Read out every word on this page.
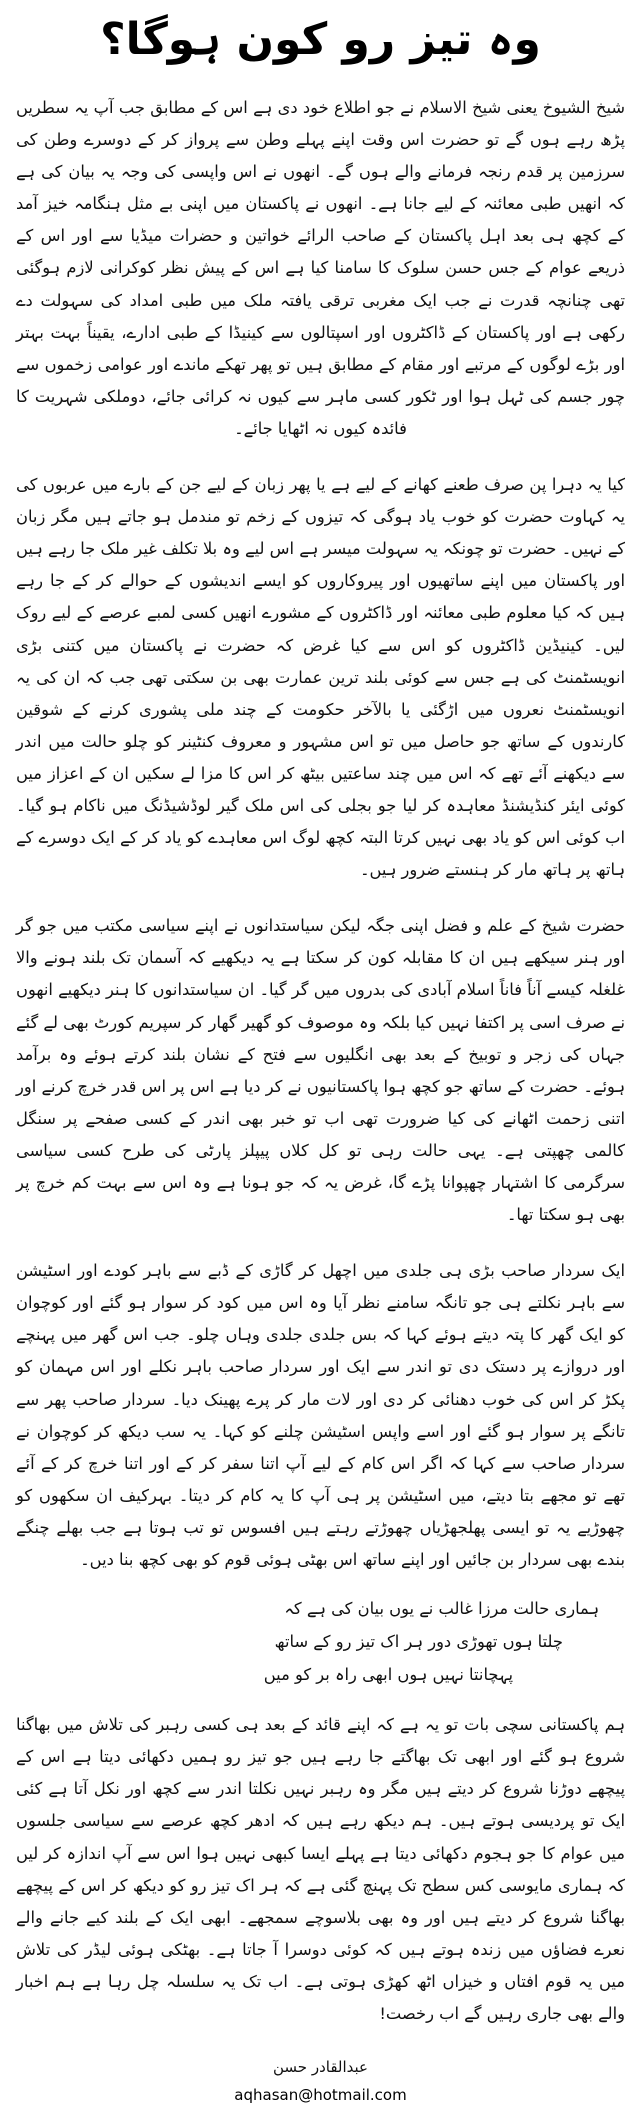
وہ تیز رو کون ہوگا؟

شیخ الشیوخ یعنی شیخ الاسلام نے جو اطلاع خود دی ہے اس کے مطابق جب آپ یہ سطریں پڑھ رہے ہوں گے تو حضرت اس وقت اپنے پہلے وطن سے پرواز کر کے دوسرے وطن کی سرزمین پر قدم رنجہ فرمانے والے ہوں گے۔ انھوں نے اس واپسی کی وجہ یہ بیان کی ہے کہ انھیں طبی معائنہ کے لیے جانا ہے۔ انھوں نے پاکستان میں اپنی بے مثل ہنگامہ خیز آمد کے کچھ ہی بعد اہل پاکستان کے صاحب الرائے خواتین و حضرات میڈیا سے اور اس کے ذریعے عوام کے جس حسن سلوک کا سامنا کیا ہے اس کے پیش نظر کوکرانی لازم ہوگئی تھی چنانچہ قدرت نے جب ایک مغربی ترقی یافتہ ملک میں طبی امداد کی سہولت دے رکھی ہے اور پاکستان کے ڈاکٹروں اور اسپتالوں سے کینیڈا کے طبی ادارے، یقیناً بہت بہتر اور بڑے لوگوں کے مرتبے اور مقام کے مطابق ہیں تو پھر تھکے ماندے اور عوامی زخموں سے چور جسم کی ٹہل ہوا اور ٹکور کسی ماہر سے کیوں نہ کرائی جائے، دوملکی شہریت کا فائدہ کیوں نہ اٹھایا جائے۔

کیا یہ دہرا پن صرف طعنے کھانے کے لیے ہے یا پھر زبان کے لیے جن کے بارے میں عربوں کی یہ کہاوت حضرت کو خوب یاد ہوگی کہ تیزوں کے زخم تو مندمل ہو جاتے ہیں مگر زبان کے نہیں۔ حضرت تو چونکہ یہ سہولت میسر ہے اس لیے وہ بلا تکلف غیر ملک جا رہے ہیں اور پاکستان میں اپنے ساتھیوں اور پیروکاروں کو ایسے اندیشوں کے حوالے کر کے جا رہے ہیں کہ کیا معلوم طبی معائنہ اور ڈاکٹروں کے مشورے انھیں کسی لمبے عرصے کے لیے روک لیں۔ کینیڈین ڈاکٹروں کو اس سے کیا غرض کہ حضرت نے پاکستان میں کتنی بڑی انویسٹمنٹ کی ہے جس سے کوئی بلند ترین عمارت بھی بن سکتی تھی جب کہ ان کی یہ انویسٹمنٹ نعروں میں اڑگئی یا بالآخر حکومت کے چند ملی پشوری کرنے کے شوقین کارندوں کے ساتھ جو حاصل میں تو اس مشہور و معروف کنٹینر کو چلو حالت میں اندر سے دیکھنے آئے تھے کہ اس میں چند ساعتیں بیٹھ کر اس کا مزا لے سکیں ان کے اعزاز میں کوئی ایئر کنڈیشنڈ معاہدہ کر لیا جو بجلی کی اس ملک گیر لوڈشیڈنگ میں ناکام ہو گیا۔ اب کوئی اس کو یاد بھی نہیں کرتا البتہ کچھ لوگ اس معاہدے کو یاد کر کے ایک دوسرے کے ہاتھ پر ہاتھ مار کر ہنستے ضرور ہیں۔

حضرت شیخ کے علم و فضل اپنی جگہ لیکن سیاستدانوں نے اپنے سیاسی مکتب میں جو گر اور ہنر سیکھے ہیں ان کا مقابلہ کون کر سکتا ہے یہ دیکھیے کہ آسمان تک بلند ہونے والا غلغلہ کیسے آناً فاناً اسلام آبادی کی بدروں میں گر گیا۔ ان سیاستدانوں کا ہنر دیکھیے انھوں نے صرف اسی پر اکتفا نہیں کیا بلکہ وہ موصوف کو گھیر گھار کر سپریم کورٹ بھی لے گئے جہاں کی زجر و توبیخ کے بعد بھی انگلیوں سے فتح کے نشان بلند کرتے ہوئے وہ برآمد ہوئے۔ حضرت کے ساتھ جو کچھ ہوا پاکستانیوں نے کر دیا ہے اس پر اس قدر خرچ کرنے اور اتنی زحمت اٹھانے کی کیا ضرورت تھی اب تو خبر بھی اندر کے کسی صفحے پر سنگل کالمی چھپتی ہے۔ یہی حالت رہی تو کل کلاں پیپلز پارٹی کی طرح کسی سیاسی سرگرمی کا اشتہار چھپوانا پڑے گا، غرض یہ کہ جو ہونا ہے وہ اس سے بہت کم خرچ پر بھی ہو سکتا تھا۔

ایک سردار صاحب بڑی ہی جلدی میں اچھل کر گاڑی کے ڈبے سے باہر کودے اور اسٹیشن سے باہر نکلتے ہی جو تانگہ سامنے نظر آیا وہ اس میں کود کر سوار ہو گئے اور کوچوان کو ایک گھر کا پتہ دیتے ہوئے کہا کہ بس جلدی جلدی وہاں چلو۔ جب اس گھر میں پہنچے اور دروازے پر دستک دی تو اندر سے ایک اور سردار صاحب باہر نکلے اور اس مہمان کو پکڑ کر اس کی خوب دھنائی کر دی اور لات مار کر پرے پھینک دیا۔ سردار صاحب پھر سے تانگے پر سوار ہو گئے اور اسے واپس اسٹیشن چلنے کو کہا۔ یہ سب دیکھ کر کوچوان نے سردار صاحب سے کہا کہ اگر اس کام کے لیے آپ اتنا سفر کر کے اور اتنا خرچ کر کے آئے تھے تو مجھے بتا دیتے، میں اسٹیشن پر ہی آپ کا یہ کام کر دیتا۔ بہرکیف ان سکھوں کو چھوڑیے یہ تو ایسی پھلجھڑیاں چھوڑتے رہتے ہیں افسوس تو تب ہوتا ہے جب بھلے چنگے بندے بھی سردار بن جائیں اور اپنے ساتھ اس بھٹی ہوئی قوم کو بھی کچھ بنا دیں۔

ہماری حالت مرزا غالب نے یوں بیان کی ہے کہ

چلتا ہوں تھوڑی دور ہر اک تیز رو کے ساتھ

پہچانتا نہیں ہوں ابھی راہ بر کو میں

ہم پاکستانی سچی بات تو یہ ہے کہ اپنے قائد کے بعد ہی کسی رہبر کی تلاش میں بھاگنا شروع ہو گئے اور ابھی تک بھاگتے جا رہے ہیں جو تیز رو ہمیں دکھائی دیتا ہے اس کے پیچھے دوڑنا شروع کر دیتے ہیں مگر وہ رہبر نہیں نکلتا اندر سے کچھ اور نکل آتا ہے کئی ایک تو پردیسی ہوتے ہیں۔ ہم دیکھ رہے ہیں کہ ادھر کچھ عرصے سے سیاسی جلسوں میں عوام کا جو ہجوم دکھائی دیتا ہے پہلے ایسا کبھی نہیں ہوا اس سے آپ اندازہ کر لیں کہ ہماری مایوسی کس سطح تک پہنچ گئی ہے کہ ہر اک تیز رو کو دیکھ کر اس کے پیچھے بھاگنا شروع کر دیتے ہیں اور وہ بھی بلاسوچے سمجھے۔ ابھی ایک کے بلند کیے جانے والے نعرے فضاؤں میں زندہ ہوتے ہیں کہ کوئی دوسرا آ جاتا ہے۔ بھٹکی ہوئی لیڈر کی تلاش میں یہ قوم افتاں و خیزاں اٹھ کھڑی ہوتی ہے۔ اب تک یہ سلسلہ چل رہا ہے ہم اخبار والے بھی جاری رہیں گے اب رخصت!

عبدالقادر حسن

aqhasan@hotmail.com
